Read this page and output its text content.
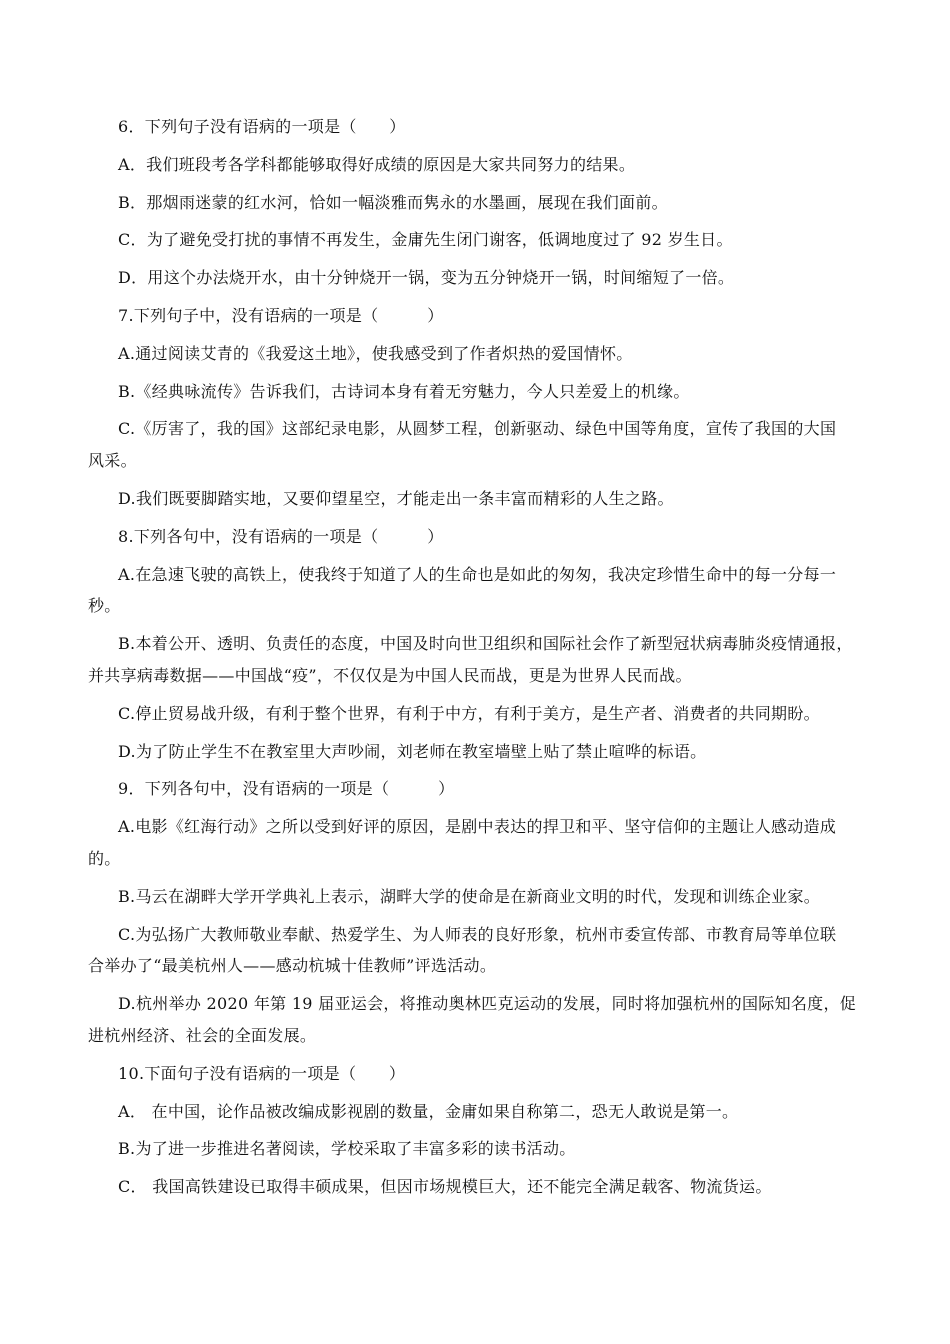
6．下列句子没有语病的一项是（　　）
A．我们班段考各学科都能够取得好成绩的原因是大家共同努力的结果。
B．那烟雨迷蒙的红水河，恰如一幅淡雅而隽永的水墨画，展现在我们面前。
C．为了避免受打扰的事情不再发生，金庸先生闭门谢客，低调地度过了 92 岁生日。
D．用这个办法烧开水，由十分钟烧开一锅，变为五分钟烧开一锅，时间缩短了一倍。
7.下列句子中，没有语病的一项是（　　　）
A.通过阅读艾青的《我爱这土地》，使我感受到了作者炽热的爱国情怀。
B.《经典咏流传》告诉我们，古诗词本身有着无穷魅力，今人只差爱上的机缘。
C.《厉害了，我的国》这部纪录电影，从圆梦工程，创新驱动、绿色中国等角度，宣传了我国的大国
风采。
D.我们既要脚踏实地，又要仰望星空，才能走出一条丰富而精彩的人生之路。
8.下列各句中，没有语病的一项是（　　　）
A.在急速飞驶的高铁上，使我终于知道了人的生命也是如此的匆匆，我决定珍惜生命中的每一分每一
秒。
B.本着公开、透明、负责任的态度，中国及时向世卫组织和国际社会作了新型冠状病毒肺炎疫情通报，
并共享病毒数据——中国战“疫”，不仅仅是为中国人民而战，更是为世界人民而战。
C.停止贸易战升级，有利于整个世界，有利于中方，有利于美方，是生产者、消费者的共同期盼。
D.为了防止学生不在教室里大声吵闹，刘老师在教室墙壁上贴了禁止喧哗的标语。
9．下列各句中，没有语病的一项是（　　　）
A.电影《红海行动》之所以受到好评的原因，是剧中表达的捍卫和平、坚守信仰的主题让人感动造成
的。
B.马云在湖畔大学开学典礼上表示，湖畔大学的使命是在新商业文明的时代，发现和训练企业家。
C.为弘扬广大教师敬业奉献、热爱学生、为人师表的良好形象，杭州市委宣传部、市教育局等单位联
合举办了“最美杭州人——感动杭城十佳教师”评选活动。
D.杭州举办 2020 年第 19 届亚运会，将推动奥林匹克运动的发展，同时将加强杭州的国际知名度，促
进杭州经济、社会的全面发展。
10.下面句子没有语病的一项是（　　）
A． 在中国，论作品被改编成影视剧的数量，金庸如果自称第二，恐无人敢说是第一。
B.为了进一步推进名著阅读，学校采取了丰富多彩的读书活动。
C． 我国高铁建设已取得丰硕成果，但因市场规模巨大，还不能完全满足载客、物流货运。
